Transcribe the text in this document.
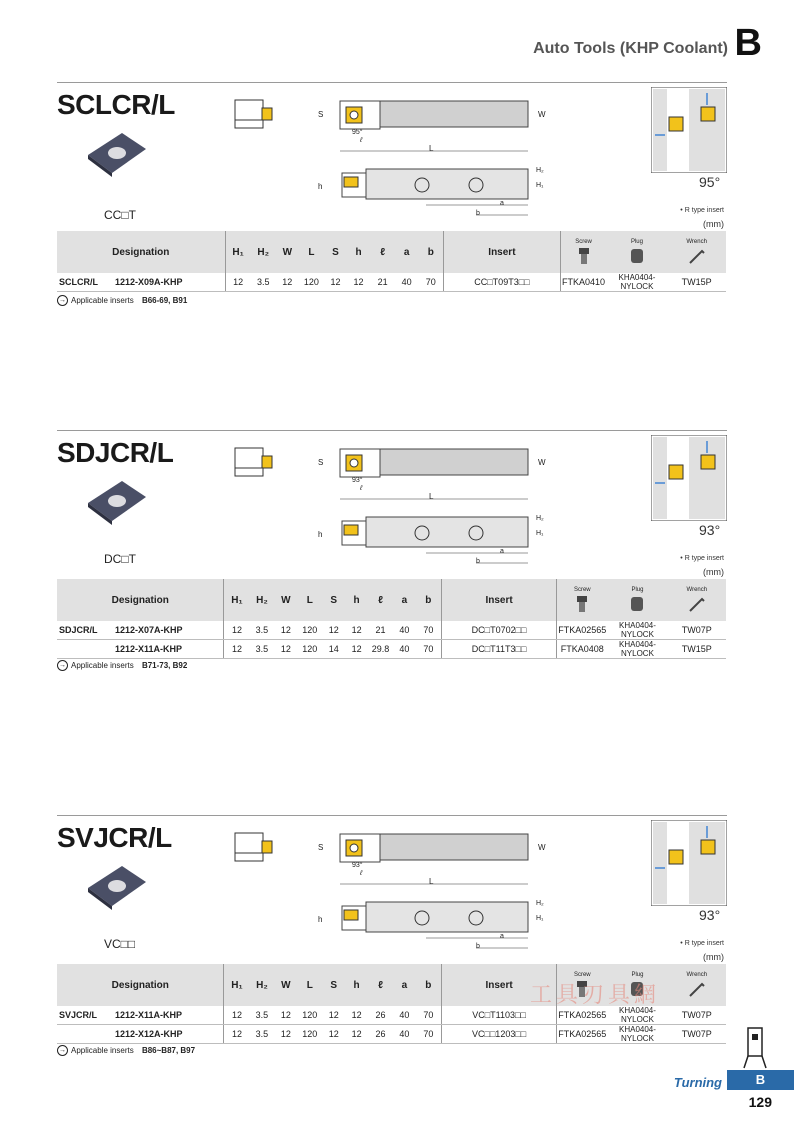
Auto Tools (KHP Coolant) B
SCLCR/L
CC□T
S	W
L
95°
ℓ
h
H₂
H₁
a
b
95°
• R type insert
(mm)
Designation	H₁	H₂	W	L	S	h	ℓ	a	b	Insert	Screw	Plug	Wrench

SCLCR/L 1212-X09A-KHP	12	3.5	12	120	12	12	21	40	70	CC□T09T3□□	FTKA0410	KHA0404-NYLOCK	TW15P
→ Applicable inserts
B66-69, B91
SDJCR/L
DC□T
S	W
L
93°
ℓ
h
H₂
H₁
a
b
93°
• R type insert
(mm)
Designation	H₁	H₂	W	L	S	h	ℓ	a	b	Insert	Screw	Plug	Wrench

SDJCR/L 1212-X07A-KHP	12	3.5	12	120	12	12	21	40	70	DC□T0702□□	FTKA02565	KHA0404-NYLOCK	TW07P
1212-X11A-KHP	12	3.5	12	120	14	12	29.8	40	70	DC□T11T3□□	FTKA0408	KHA0404-NYLOCK	TW15P
→ Applicable inserts
B71-73, B92
SVJCR/L
VC□□
S	W
L
93°
ℓ
h
H₂
H₁
a
b
93°
• R type insert
(mm)
Designation	H₁	H₂	W	L	S	h	ℓ	a	b	Insert	Screw	Plug	Wrench

SVJCR/L 1212-X11A-KHP	12	3.5	12	120	12	12	26	40	70	VC□T1103□□	FTKA02565	KHA0404-NYLOCK	TW07P
1212-X12A-KHP	12	3.5	12	120	12	12	26	40	70	VC□□1203□□	FTKA02565	KHA0404-NYLOCK	TW07P
→ Applicable inserts
B86~B87, B97
工具刃具網
Turning	B
129
